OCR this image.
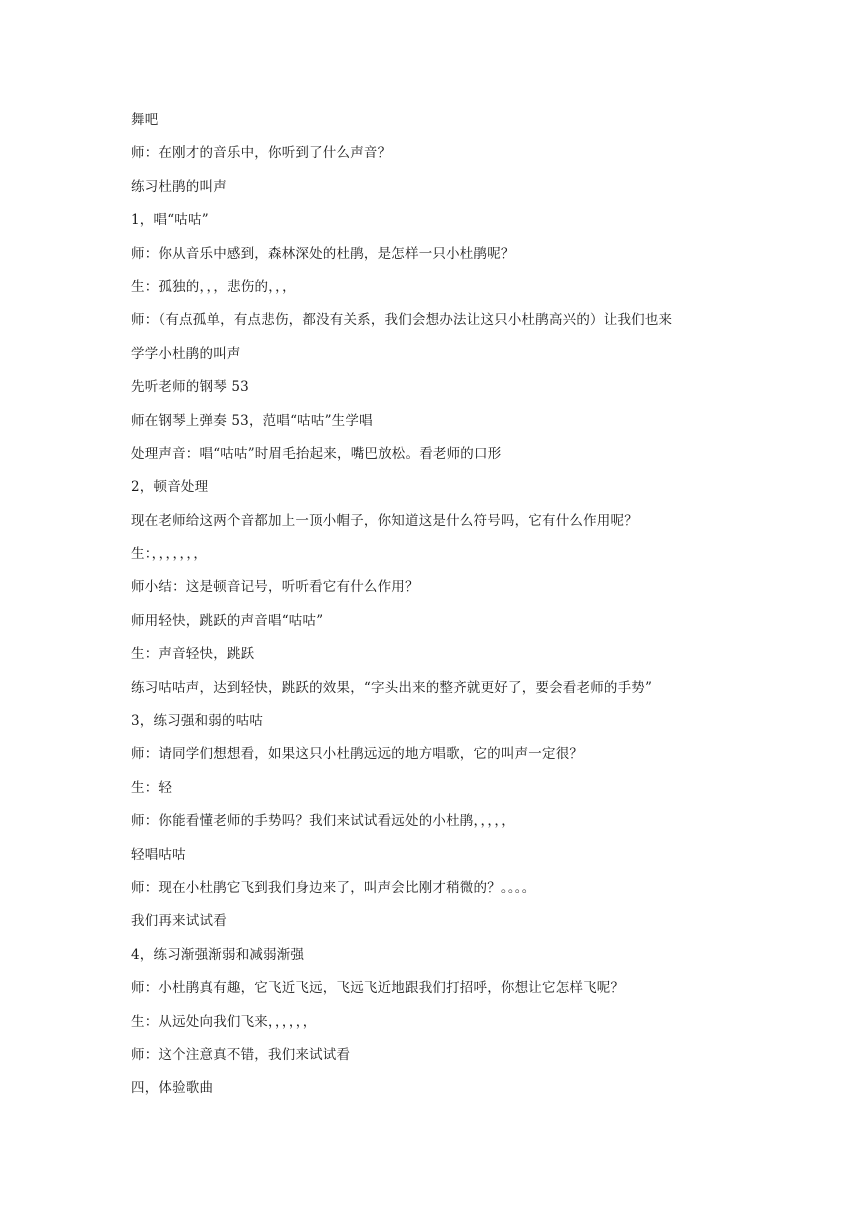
舞吧
师：在刚才的音乐中，你听到了什么声音？
练习杜鹃的叫声
1，唱“咕咕”
师：你从音乐中感到，森林深处的杜鹃，是怎样一只小杜鹃呢？
生：孤独的，，，悲伤的，，，
师：（有点孤单，有点悲伤，都没有关系，我们会想办法让这只小杜鹃高兴的）让我们也来
学学小杜鹃的叫声
先听老师的钢琴 53
师在钢琴上弹奏 53，范唱“咕咕”生学唱
处理声音：唱“咕咕”时眉毛抬起来，嘴巴放松。看老师的口形
2，顿音处理
现在老师给这两个音都加上一顶小帽子，你知道这是什么符号吗，它有什么作用呢？
生：，，，，，，，
师小结：这是顿音记号，听听看它有什么作用？
师用轻快，跳跃的声音唱“咕咕”
生：声音轻快，跳跃
练习咕咕声，达到轻快，跳跃的效果，“字头出来的整齐就更好了，要会看老师的手势”
3，练习强和弱的咕咕
师：请同学们想想看，如果这只小杜鹃远远的地方唱歌，它的叫声一定很？
生：轻
师：你能看懂老师的手势吗？我们来试试看远处的小杜鹃，，，，，
轻唱咕咕
师：现在小杜鹃它飞到我们身边来了，叫声会比刚才稍微的？。。。。
我们再来试试看
4，练习渐强渐弱和减弱渐强
师：小杜鹃真有趣，它飞近飞远，飞远飞近地跟我们打招呼，你想让它怎样飞呢？
生：从远处向我们飞来，，，，，，
师：这个注意真不错，我们来试试看
四，体验歌曲
